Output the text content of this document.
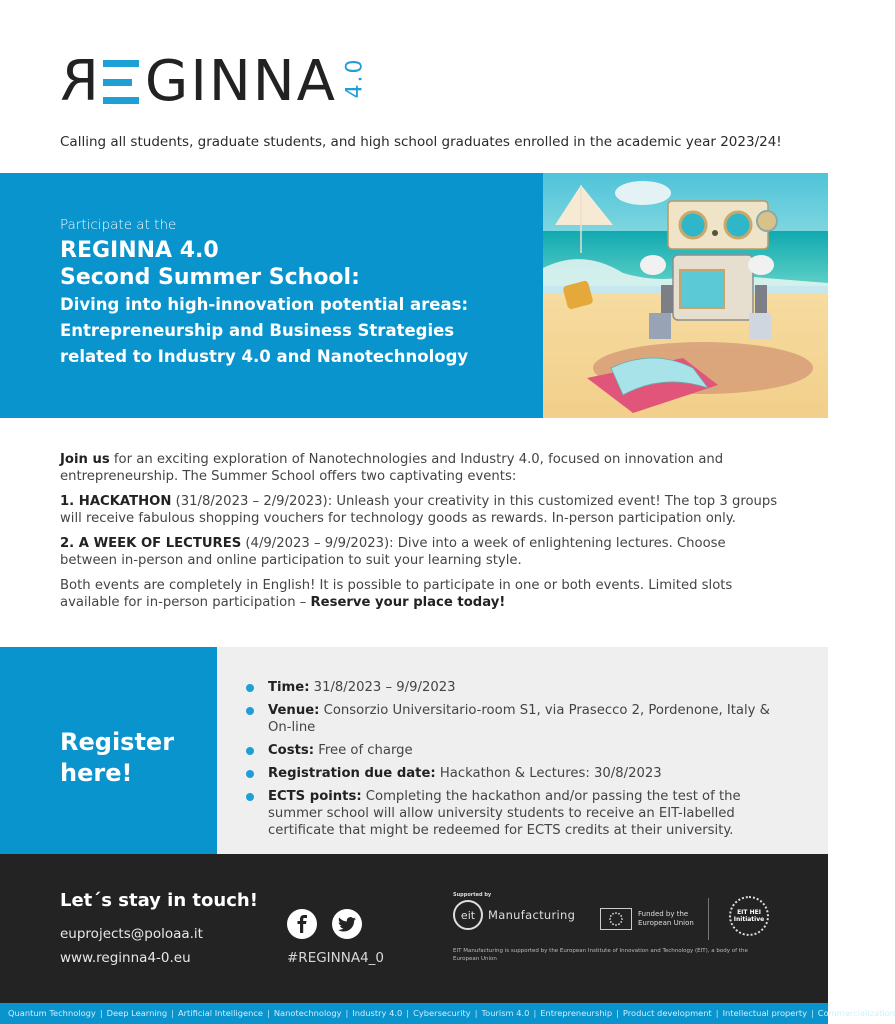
R GINNA 4.0
Calling all students, graduate students, and high school graduates enrolled in the academic year 2023/24!
Participate at the
REGINNA 4.0
Second Summer School:
Diving into high-innovation potential areas:
Entrepreneurship and Business Strategies
related to Industry 4.0 and Nanotechnology

Join us for an exciting exploration of Nanotechnologies and Industry 4.0, focused on innovation and entrepreneurship. The Summer School offers two captivating events:

1. HACKATHON (31/8/2023 – 2/9/2023): Unleash your creativity in this customized event! The top 3 groups will receive fabulous shopping vouchers for technology goods as rewards. In-person participation only.

2. A WEEK OF LECTURES (4/9/2023 – 9/9/2023): Dive into a week of enlightening lectures. Choose between in-person and online participation to suit your learning style.

Both events are completely in English! It is possible to participate in one or both events. Limited slots available for in-person participation – Reserve your place today!

Register
here!
Time: 31/8/2023 – 9/9/2023
Venue: Consorzio Universitario-room S1, via Prasecco 2, Pordenone, Italy & On-line
Costs: Free of charge
Registration due date: Hackathon & Lectures: 30/8/2023
ECTS points: Completing the hackathon and/or passing the test of the summer school will allow university students to receive an EIT-labelled certificate that might be redeemed for ECTS credits at their university.
Let´s stay in touch!
euprojects@poloaa.it
www.reginna4-0.eu	#REGINNA4_0
Supported by
eit	Manufacturing	Funded by the
European Union
EIT HEI
Initiative
EIT Manufacturing is supported by the European Institute of Innovation and Technology (EIT), a body of the European Union
Quantum Technology | Deep Learning | Artificial Intelligence | Nanotechnology | Industry 4.0 | Cybersecurity | Tourism 4.0 | Entrepreneurship | Product development | Intellectual property | Commercialization
